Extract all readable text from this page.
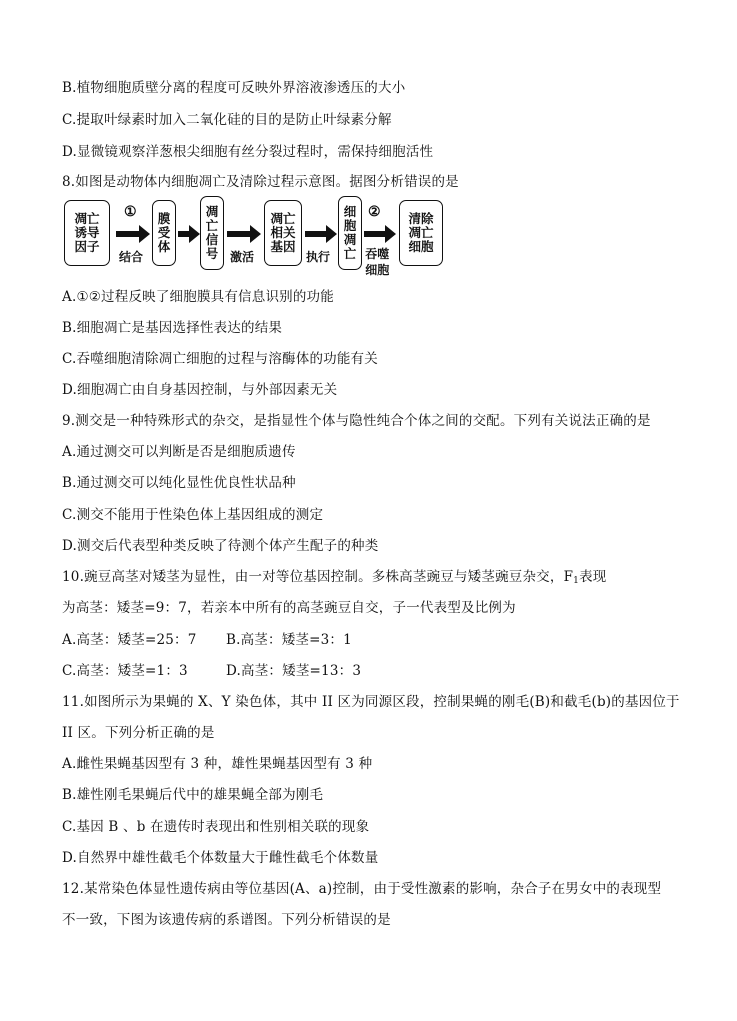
B.植物细胞质壁分离的程度可反映外界溶液渗透压的大小
C.提取叶绿素时加入二氧化硅的目的是防止叶绿素分解
D.显微镜观察洋葱根尖细胞有丝分裂过程时，需保持细胞活性
8.如图是动物体内细胞凋亡及清除过程示意图。据图分析错误的是
凋亡诱导因子
①
结合
膜受体
凋亡信号 激活
凋亡相关基因
执行
细胞凋亡
②
吞噬细胞
清除凋亡细胞
A.①②过程反映了细胞膜具有信息识别的功能
B.细胞凋亡是基因选择性表达的结果
C.吞噬细胞清除凋亡细胞的过程与溶酶体的功能有关
D.细胞凋亡由自身基因控制，与外部因素无关
9.测交是一种特殊形式的杂交，是指显性个体与隐性纯合个体之间的交配。下列有关说法正确的是
A.通过测交可以判断是否是细胞质遗传
B.通过测交可以纯化显性优良性状品种
C.测交不能用于性染色体上基因组成的测定
D.测交后代表型种类反映了待测个体产生配子的种类
10.豌豆高茎对矮茎为显性，由一对等位基因控制。多株高茎豌豆与矮茎豌豆杂交，$F_1$表现
为高茎：矮茎=9：7，若亲本中所有的高茎豌豆自交，子一代表型及比例为
A.高茎：矮茎=25：7 B.高茎：矮茎=3：1
C.高茎：矮茎=1：3	D.高茎：矮茎=13：3
11.如图所示为果蝇的 X、Y 染色体，其中 II 区为同源区段，控制果蝇的刚毛(B)和截毛(b)的基因位于
II 区。下列分析正确的是
A.雌性果蝇基因型有 3 种，雄性果蝇基因型有 3 种
B.雄性刚毛果蝇后代中的雄果蝇全部为刚毛
C.基因 B 、b 在遗传时表现出和性别相关联的现象
D.自然界中雄性截毛个体数量大于雌性截毛个体数量
12.某常染色体显性遗传病由等位基因(A、a)控制，由于受性激素的影响，杂合子在男女中的表现型
不一致，下图为该遗传病的系谱图。下列分析错误的是
